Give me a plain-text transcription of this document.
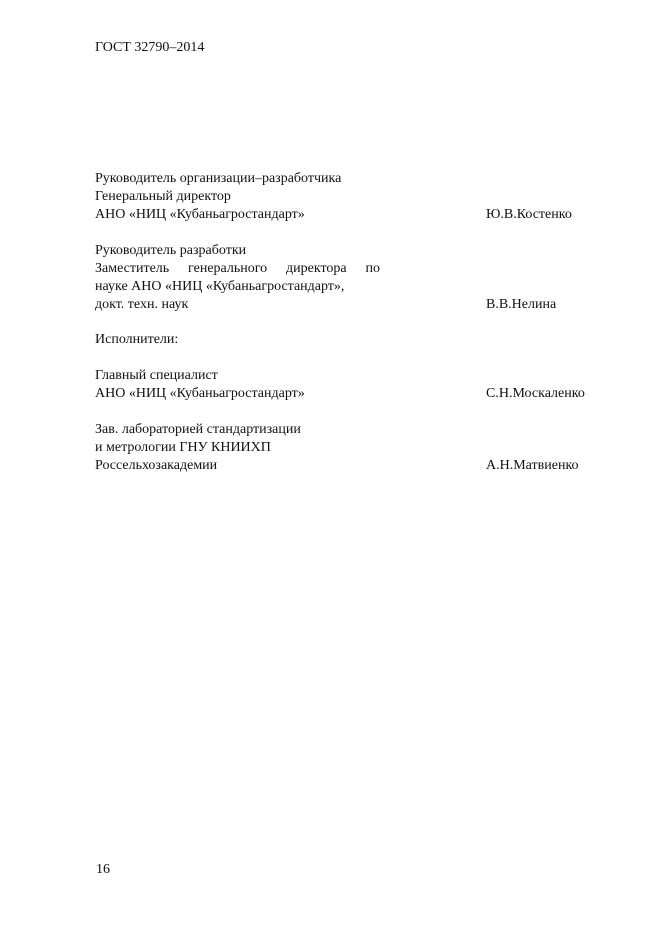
ГОСТ 32790–2014
Руководитель организации–разработчика
Генеральный директор
АНО «НИЦ «Кубаньагростандарт»	Ю.В.Костенко
Руководитель разработки
Заместитель генерального директора по
науке АНО «НИЦ «Кубаньагростандарт»,
докт. техн. наук	В.В.Нелина
Исполнители:
Главный специалист
АНО «НИЦ «Кубаньагростандарт»	С.Н.Москаленко
Зав. лабораторией стандартизации
и метрологии ГНУ КНИИХП
Россельхозакадемии	А.Н.Матвиенко
16
